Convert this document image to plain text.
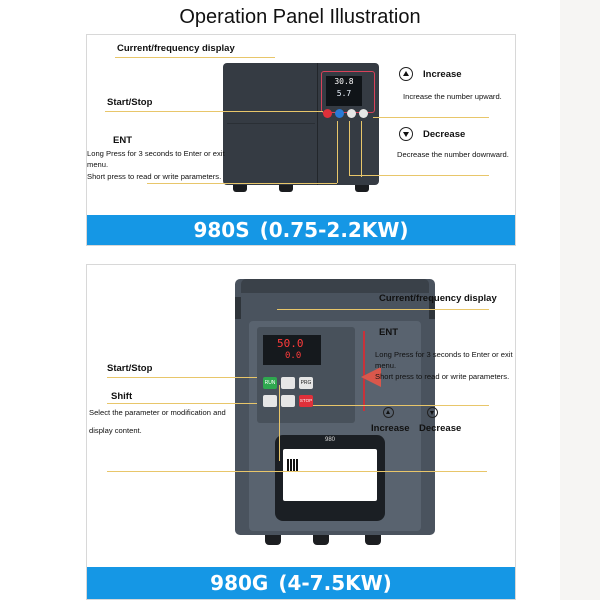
Operation Panel Illustration
Current/frequency display
30.8
5.7
Start/Stop
ENT
Long Press for 3 seconds to Enter or exit menu.
Short press to read or write parameters.
Increase
Increase the number upward.
Decrease
Decrease the number downward.
980S (0.75-2.2KW)
50.0
0.0
RUN	PRG
STOP
980
Current/frequency display
ENT
Long Press for 3 seconds to Enter or exit menu.
Short press to read or write parameters.
Start/Stop
Shift
Select the parameter or modification and
display content.	Increase Decrease
980G (4-7.5KW)
